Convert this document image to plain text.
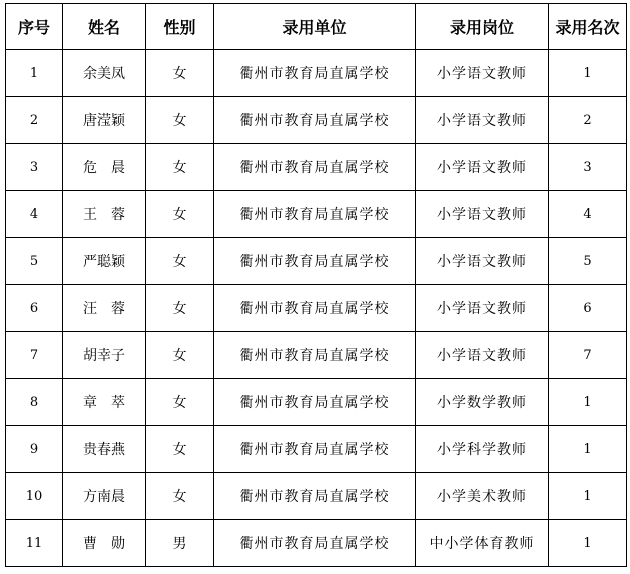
序号	姓名	性别	录用单位	录用岗位	录用名次
1	余美凤	女	衢州市教育局直属学校	小学语文教师	1
2	唐滢颖	女	衢州市教育局直属学校	小学语文教师	2
3	危　晨	女	衢州市教育局直属学校	小学语文教师	3
4	王　蓉	女	衢州市教育局直属学校	小学语文教师	4
5	严聪颖	女	衢州市教育局直属学校	小学语文教师	5
6	汪　蓉	女	衢州市教育局直属学校	小学语文教师	6
7	胡幸子	女	衢州市教育局直属学校	小学语文教师	7
8	章　萃	女	衢州市教育局直属学校	小学数学教师	1
9	贵春燕	女	衢州市教育局直属学校	小学科学教师	1
10	方南晨	女	衢州市教育局直属学校	小学美术教师	1
11	曹　勋	男	衢州市教育局直属学校	中小学体育教师	1
